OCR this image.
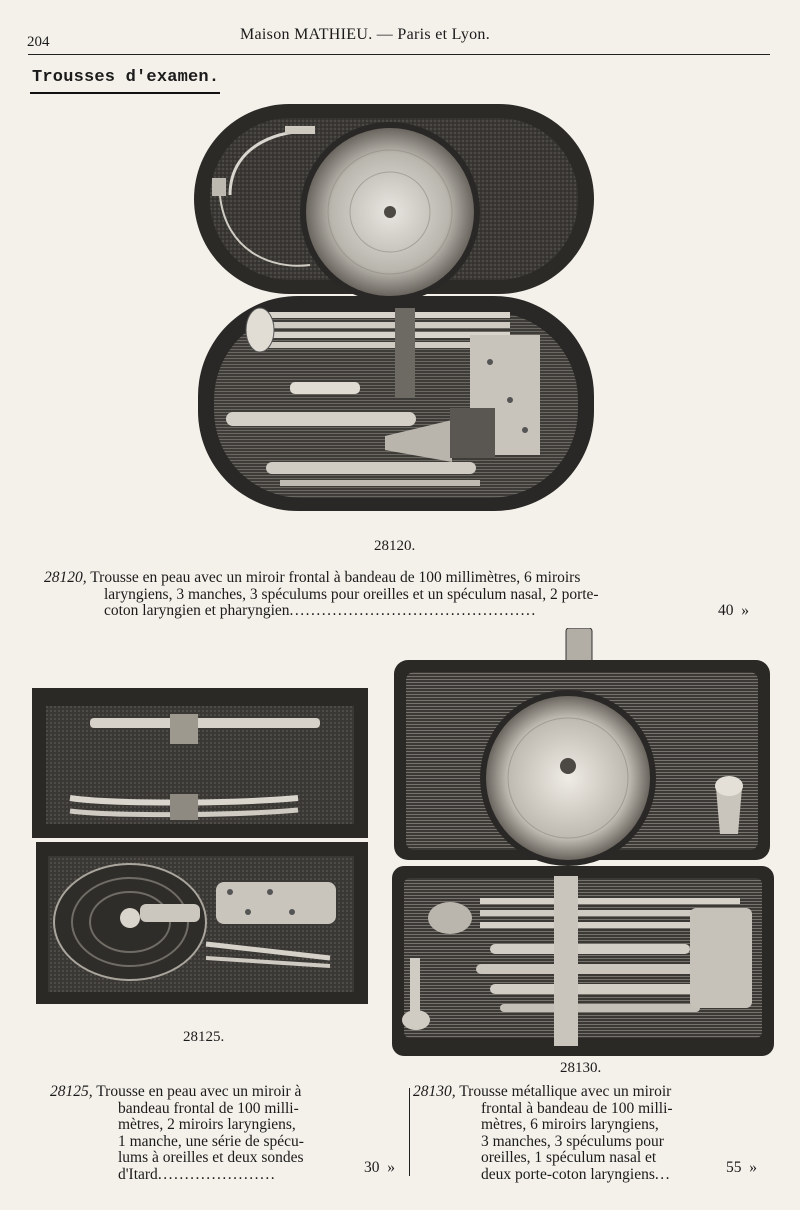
204	Maison MATHIEU. — Paris et Lyon.
Trousses d'examen.
28120.
28120, Trousse en peau avec un miroir frontal à bandeau de 100 millimètres, 6 miroirs
laryngiens, 3 manches, 3 spéculums pour oreilles et un spéculum nasal, 2 porte-
coton laryngien et pharyngien..............................................	40 »
28125.
28130.
28125, Trousse en peau avec un miroir à
bandeau frontal de 100 milli-
mètres, 2 miroirs laryngiens,
1 manche, une série de spécu-
lums à oreilles et deux sondes
d'Itard......................	30 »
28130, Trousse métallique avec un miroir
frontal à bandeau de 100 milli-
mètres, 6 miroirs laryngiens,
3 manches, 3 spéculums pour
oreilles, 1 spéculum nasal et
deux porte-coton laryngiens...	55 »
